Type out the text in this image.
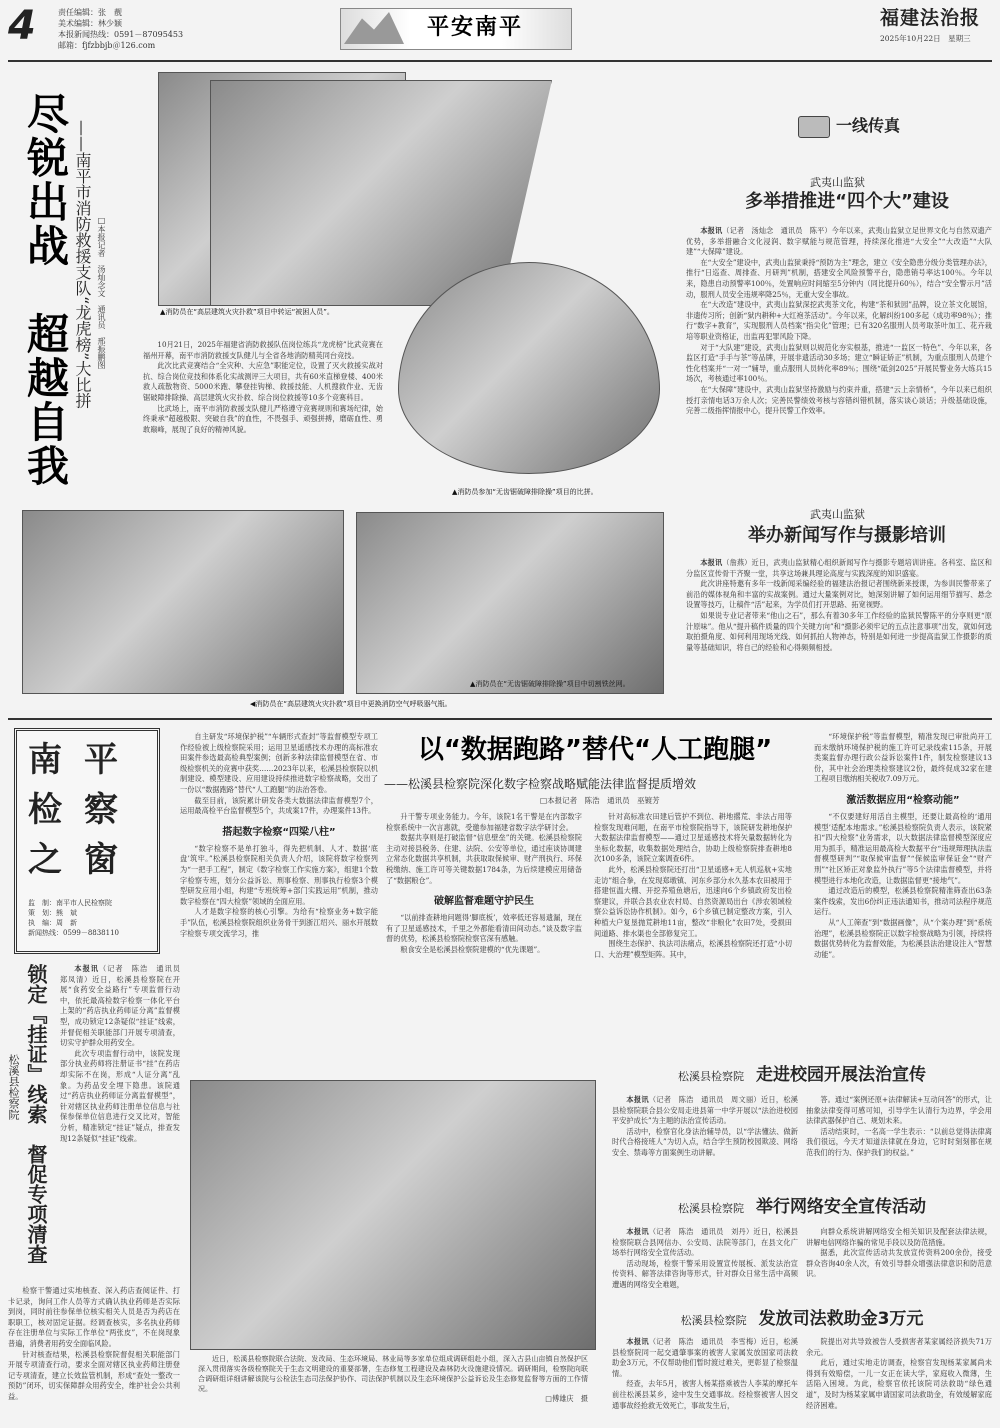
4	责任编辑：张　靓
美术编辑：林少颖
本报新闻热线：0591－87095453
邮箱：fjfzbbjb＠126.com
平安南平	福建法治报
2025年10月22日　星期三
尽锐出战　超越自我 ——南平市消防救援支队“龙虎榜”大比拼 □本报记者　汤灿念文　通讯员　邢振鹏图	▲消防员在“高层建筑火灾扑救”项目中转运“被困人员”。

10月21日，2025年福建省消防救援队伍岗位练兵“龙虎榜”比武竞赛在福州开幕，南平市消防救援支队健儿与全省各地消防精英同台竞技。

此次比武竞赛结合“全灾种、大应急”职能定位，设置了灭火救援实战对抗、综合岗位竞技和体系化实战测评三大项目，共有60米直梯登楼、400米救人疏散物资、5000米跑、攀登挂钩梯、救援技能、人机搜救作业、无齿锯破障排除操、高层建筑火灾扑救、综合岗位救援等10多个竞赛科目。

比武场上，南平市消防救援支队健儿严格遵守竞赛规则和赛场纪律，始终秉承“超越极限、突破自我”的血性，不畏强手、顽强拼搏，磨砺血性、勇敢巅峰，展现了良好的精神风貌。

▲消防员参加“无齿锯破障排除操”项目的比拼。
◀消防员在“高层建筑火灾扑救”项目中更换消防空气呼吸器气瓶。
▲消防员在“无齿锯破障排除操”项目中切割铁丝网。
一线传真
武夷山监狱
多举措推进“四个大”建设

本报讯（记者　汤灿念　通讯员　陈平）今年以来，武夷山监狱立足世界文化与自然双遗产优势，多举措融合文化浸润、数字赋能与规范管理，持续深化推进“大安全”“大改造”“大队建”“大保障”建设。

在“大安全”建设中，武夷山监狱秉持“预防为主”理念，建立《安全隐患分级分类管理办法》，推行“日巡查、周排查、月研判”机制，搭建安全风险预警平台，隐患销号率达100％。今年以来，隐患自动预警率100％，处置响应时间缩至5分钟内（同比提升60％），结合“安全警示月”活动，服刑人员安全违规率降25％，无重大安全事故。

在“大改造”建设中，武夷山监狱深挖武夷茶文化，构建“茶和狱园”品牌，设立茶文化展馆，非遗传习所；创新“狱内耕种+大红袍茶活动”。今年以来，化解纠纷100多起（成功率98％）；推行“数字+教育”，实现服刑人员档案“指尖化”管理；已有320名服刑人员考取茶叶加工、花卉栽培等职业资格证，出监再犯罪风险下降。

对于“大队建”建设，武夷山监狱则以规范化夯实根基，推进“一监区一特色”、今年以来，各监区打造“手手与茶”等品牌，开展非遗活动30多场；建立“瞬证矫正”机制，为重点服刑人员建个性化档案并“一对一”辅导，重点服刑人员转化率89％；围绕“砥剑2025”开展民警业务大练兵15场次，考核通过率100％。

在“大保障”建设中，武夷山监狱坚持激励与约束并重，搭建“云上亲情桥”，今年以来已组织授打亲情电话3万余人次；完善民警绩效考核与容错纠错机制，落实谈心谈话；升级基础设施，完善二级指挥情报中心，提升民警工作效率。

武夷山监狱
举办新闻写作与摄影培训

本报讯（詹燕）近日，武夷山监狱精心组织新闻写作与摄影专题培训讲座。各科室、监区和分监区宣传骨干齐聚一堂，共享这场兼具理论高度与实践深度的知识盛宴。

此次讲座特邀有多年一线新闻采编经验的福建法治报记者围绕新来授课，为参训民警带来了前沿的媒体视角和丰富的实战案例。通过大量案例对比，她深刻讲解了如何运用细节描写、悬念设置等技巧，让稿件“活”起来，为学员们打开思路、拓宽视野。

如果说专业记者带来“他山之石”，那么有着30多年工作经验的监狱民警陈平的分享则更“原汁原味”。他从“提升稿件质量的四个关键方向”和“摄影必须牢记的五点注意事项”出发，就如何选取拍摄角度、如何利用现场光线、如何抓拍人物神态，特别是如何进一步提高监狱工作摄影的质量等基础知识，将自己的经验和心得频频相授。

南 平
检 察
之 窗
监　制：南平市人民检察院
策　划：熊　斌
执　编：周　新
新闻热线：0599－8838110
以“数据跑路”替代“人工跑腿”
——松溪县检察院深化数字检察战略赋能法律监督提质增效
□本报记者　陈浩　通讯员　巫镀芳

自主研发“环境保护税”“车辆形式查封”等监督模型专项工作经验被上级检察院采用；运用卫星遥感技术办理的高标准农田案件参选最高检典型案例；创新多种法律监督模型在省、市级检察机关的竞赛中获奖……2023年以来，松溪县检察院以机制建设、模型建设、应用建设持续推进数字检察战略，交出了一份以“数据跑路”替代“人工跑腿”的法治答卷。

截至目前，该院累计研发各类大数据法律监督模型7个，运用最高检平台监督模型5个，共成案17件，办理案件13件。

搭起数字检察“四梁八柱”

“数字检察不是单打独斗，得先把机制、人才、数据‘底盘’筑牢。”松溪县检察院相关负责人介绍，该院将数字检察列为“一把手工程”，制定《数字检察工作实施方案》，组建1个数字检察专班，划分公益诉讼、刑事检察、刑事执行检察3个模型研发应用小组，构建“专班统筹+部门实践运用”机制，推动数字检察在“四大检察”领域的全面应用。

人才是数字检察的核心引擎。为给有“检察业务+数字能手”队伍，松溪县检察院组织业务骨干到浙江绍兴、丽水开展数字检察专项交流学习，推

升干警专项业务能力。今年，该院1名干警是在内部数字检察系统中一次言惠就，受邀参加福建省数字法学研讨会。

数据共享则是打破监督“信息壁垒”的关键。松溪县检察院主动对接县税务、住建、法院、公安等单位，通过座谈协调建立常态化数据共享机制，共获取取保候审、财产刑执行、环保税缴纳、施工许可等关键数据1784条，为后续建模应用储备了“数据粮仓”。

破解监督难题守护民生

“以前排查耕地问题得‘脚底板’，效率低还容易遗漏，现在有了卫星遥感技术，千里之外都能看清田间动态。”谈及数字监督的优势，松溪县检察院检察官深有感触。

粮食安全是松溪县检察院建模的“优先课题”。

针对高标准农田建后管护不到位、耕地撂荒、非法占用等检察发现难问题，在南平市检察院指导下，该院研发耕地保护大数据法律监督模型——通过卫星遥感技术将矢量数据转化为坐标化数据，收集数据处理结合，协助上级检察院排查耕地8次100多条，该院立案调查6件。

此外，松溪县检察院还打出“卫星遥感+无人机巡航+实地走访”组合拳，在发现郑墩镇、河东乡部分水久基本农田被用于搭建恒温大棚、开挖养殖鱼塘后，迅速向6个乡镇政府发出检察建议，并联合县农业农村局、自然资源局出台《涉农领域检察公益诉讼协作机制》。如今，6个乡镇已制定整改方案，引入种植大户复垦抛荒耕地11亩，整改“非粮化”农田7处，受损田间道路、排水渠也全部修复完工。

围绕生态保护、执法司法痛点，松溪县检察院还打造“小切口、大治理”模型矩阵。其中，

“环境保护税”等监督模型，精准发现已审批尚开工而未缴纳环境保护税的施工许可记录线索115条，开展类案监督办理行政公益诉讼案件1件，制发检察建议13份，其中社会治理类检察建议2份，最终促成32家在建工程项目缴纳相关税收7.09万元。

激活数据应用“检察动能”

“不仅要建好用活自主模型，还要让最高检的‘通用模型’适配本地需求。”松溪县检察院负责人表示，该院紧扣“四大检察”业务需求，以大数据法律监督模型深度应用为抓手，精准运用最高检大数据平台“违规辩理执法监督模型研判”“取保候审监督”“保候监审保证金”“财产刑”“社区矫正对象监外执行”等5个法律监督模型，并将模型进行本地化改造，让数据监督更“接地气”。

通过改造后的模型，松溪县检察院精准筛查出63条案件线索，发出6份纠正违法通知书，推动司法程序规范运行。

从“人工筛查”到“数据画像”，从“个案办理”到“系统治理”，松溪县检察院正以数字检察战略为引领，持续将数据优势转化为监督效能，为松溪县法治建设注入“智慧动能”。

锁定『挂证』线索　督促专项清查
松溪县检察院

本报讯（记者　陈浩　通讯员　郑凤清）近日，松溪县检察院在开展“食药安全益路行”专项监督行动中，依托最高检数字检察一体化平台上架的“药店执业药师证分离”监督模型，成功锁定12条疑似“挂证”线索，并督促相关职能部门开展专项清查，切实守护群众用药安全。

此次专项监督行动中，该院发现部分执业药师将注册证书“挂”在药店却实际不在岗，形成“人证分离”乱象。为药品安全埋下隐患。该院通过“药店执业药师证分离监督模型”，针对辖区执业药师注册单位信息与社保参保单位信息进行交叉比对，智能分析，精准锁定“挂证”疑点，排查发现12条疑似“挂证”线索。

检察干警通过实地核查、深入药店查阅证件、打卡记录，询问工作人员等方式确认执业药师是否实际到岗，同时前往参保单位核实相关人员是否为药店在职职工，核对固定证据。经调查核实，多名执业药师存在注册单位与实际工作单位“两张皮”，不在岗现象普遍，消费者用药安全面临风险。

针对核查结果，松溪县检察院督促相关职能部门开展专项清查行动，要求全面对辖区执业药师注册登记专项清查，建立长效监管机制，形成“查处一整改一预防”闭环，切实保障群众用药安全，维护社会公共利益。

近日，松溪县检察院联合法院、发改局、生态环境局、林业局等多家单位组成调研组赴小组，深入古县山亩镇自然保护区深入贯彻落实各级检察院关于生态文明建设的重要部署，生态修复工程建设及森林防火设施建设情况。调研期间，检察院向联合调研组详细讲解该院与公检法生态司法保护协作、司法保护机制以及生态环境保护公益诉讼及生态修复监督等方面的工作情况。

□傅雄庆　摄
松溪县检察院 走进校园开展法治宣传

本报讯（记者　陈浩　通讯员　周文丽）近日，松溪县检察院联合县公安局走进县第一中学开展以“法治进校园　平安护成长”为主题的法治宣传活动。

活动中，检察官化身法治辅导员，以“学法懂法、做新时代合格接班人”为切入点，结合学生预防校园欺凌、网络安全、禁毒等方面案例生动讲解。

答。通过“案例还原+法律解读+互动问答”的形式，让抽象法律变得可感可知，引导学生认清行为边界，学会用法律武器保护自己、规划未来。

活动结束时，一名高一学生表示：“以前总觉得法律离我们很远，今天才知道法律就在身边，它时时刻刻都在规范我们的行为、保护我们的权益。”

松溪县检察院 举行网络安全宣传活动

本报讯（记者　陈浩　通讯员　刘丹）近日，松溪县检察院联合县网信办、公安局、法院等部门，在县文化广场举行网络安全宣传活动。

活动现场，检察干警采用设置宣传展板、派发法治宣传资料、解答法律咨询等形式，针对群众日常生活中高频遭遇的网络安全难题，

向群众系统讲解网络安全相关知识及配套法律法规，讲解电信网络诈骗的常见手段以及防范措施。

据悉，此次宣传活动共发放宣传资料200余份，接受群众咨询40余人次，有效引导群众增强法律意识和防范意识。

松溪县检察院 发放司法救助金3万元

本报讯（记者　陈浩　通讯员　李雪梅）近日，松溪县检察院同一起交通肇事案的被害人家属发放国家司法救助金3万元，不仅帮助他们暂时渡过难关，更彰显了检察温情。

经查，去年5月，被害人杨某搭乘被告人李某的摩托车前往松溪县某乡，途中发生交通事故。经检察被害人因交通事故经抢救无效死亡，事故发生后，

院提出对共导致被告人受损害者某家属经济损失71万余元。

此后，通过实地走访调查，检察官发现杨某家属尚未得到有效赔偿，一儿一女正在读大学，家庭收入微薄，生活陷入困境。为此，检察官依托该院司法救助“绿色通道”，及时为杨某家属申请国家司法救助金，有效缓解家庭经济困难。
